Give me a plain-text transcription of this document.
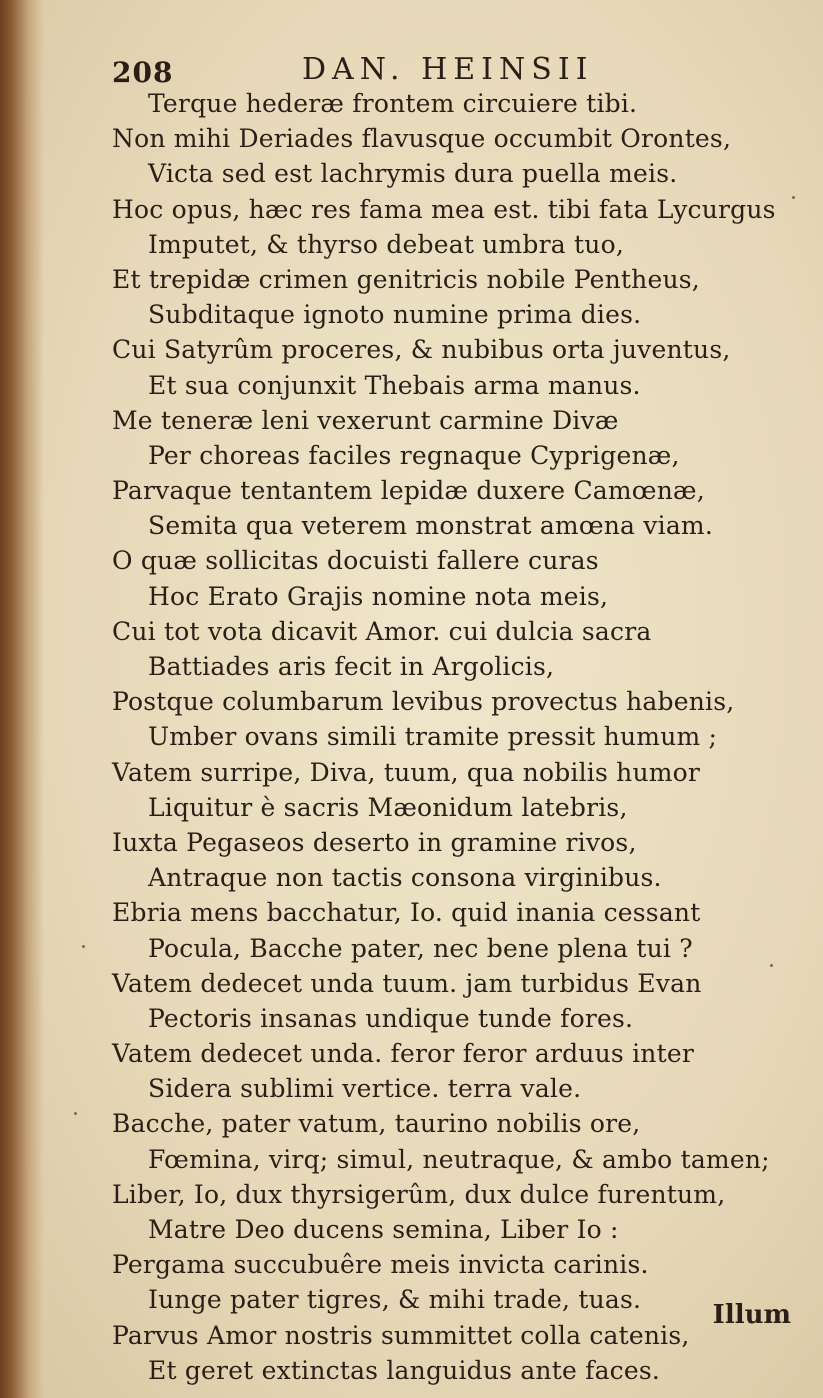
208	DAN. HEINSII
Terque hederæ frontem circuiere tibi.
Non mihi Deriades flavusque occumbit Orontes,
Victa sed est lachrymis dura puella meis.
Hoc opus, hæc res fama mea est. tibi fata Lycurgus
Imputet, & thyrso debeat umbra tuo,
Et trepidæ crimen genitricis nobile Pentheus,
Subditaque ignoto numine prima dies.
Cui Satyrûm proceres, & nubibus orta juventus,
Et sua conjunxit Thebais arma manus.
Me teneræ leni vexerunt carmine Divæ
Per choreas faciles regnaque Cyprigenæ,
Parvaque tentantem lepidæ duxere Camœnæ,
Semita qua veterem monstrat amœna viam.
O quæ sollicitas docuisti fallere curas
Hoc Erato Grajis nomine nota meis,
Cui tot vota dicavit Amor. cui dulcia sacra
Battiades aris fecit in Argolicis,
Postque columbarum levibus provectus habenis,
Umber ovans simili tramite pressit humum ;
Vatem surripe, Diva, tuum, qua nobilis humor
Liquitur è sacris Mæonidum latebris,
Iuxta Pegaseos deserto in gramine rivos,
Antraque non tactis consona virginibus.
Ebria mens bacchatur, Io. quid inania cessant
Pocula, Bacche pater, nec bene plena tui ?
Vatem dedecet unda tuum. jam turbidus Evan
Pectoris insanas undique tunde fores.
Vatem dedecet unda. feror feror arduus inter
Sidera sublimi vertice. terra vale.
Bacche, pater vatum, taurino nobilis ore,
Fœmina, virq; simul, neutraque, & ambo tamen;
Liber, Io, dux thyrsigerûm, dux dulce furentum,
Matre Deo ducens semina, Liber Io :
Pergama succubuêre meis invicta carinis.
Iunge pater tigres, & mihi trade, tuas.
Parvus Amor nostris summittet colla catenis,
Et geret extinctas languidus ante faces.
Illum
